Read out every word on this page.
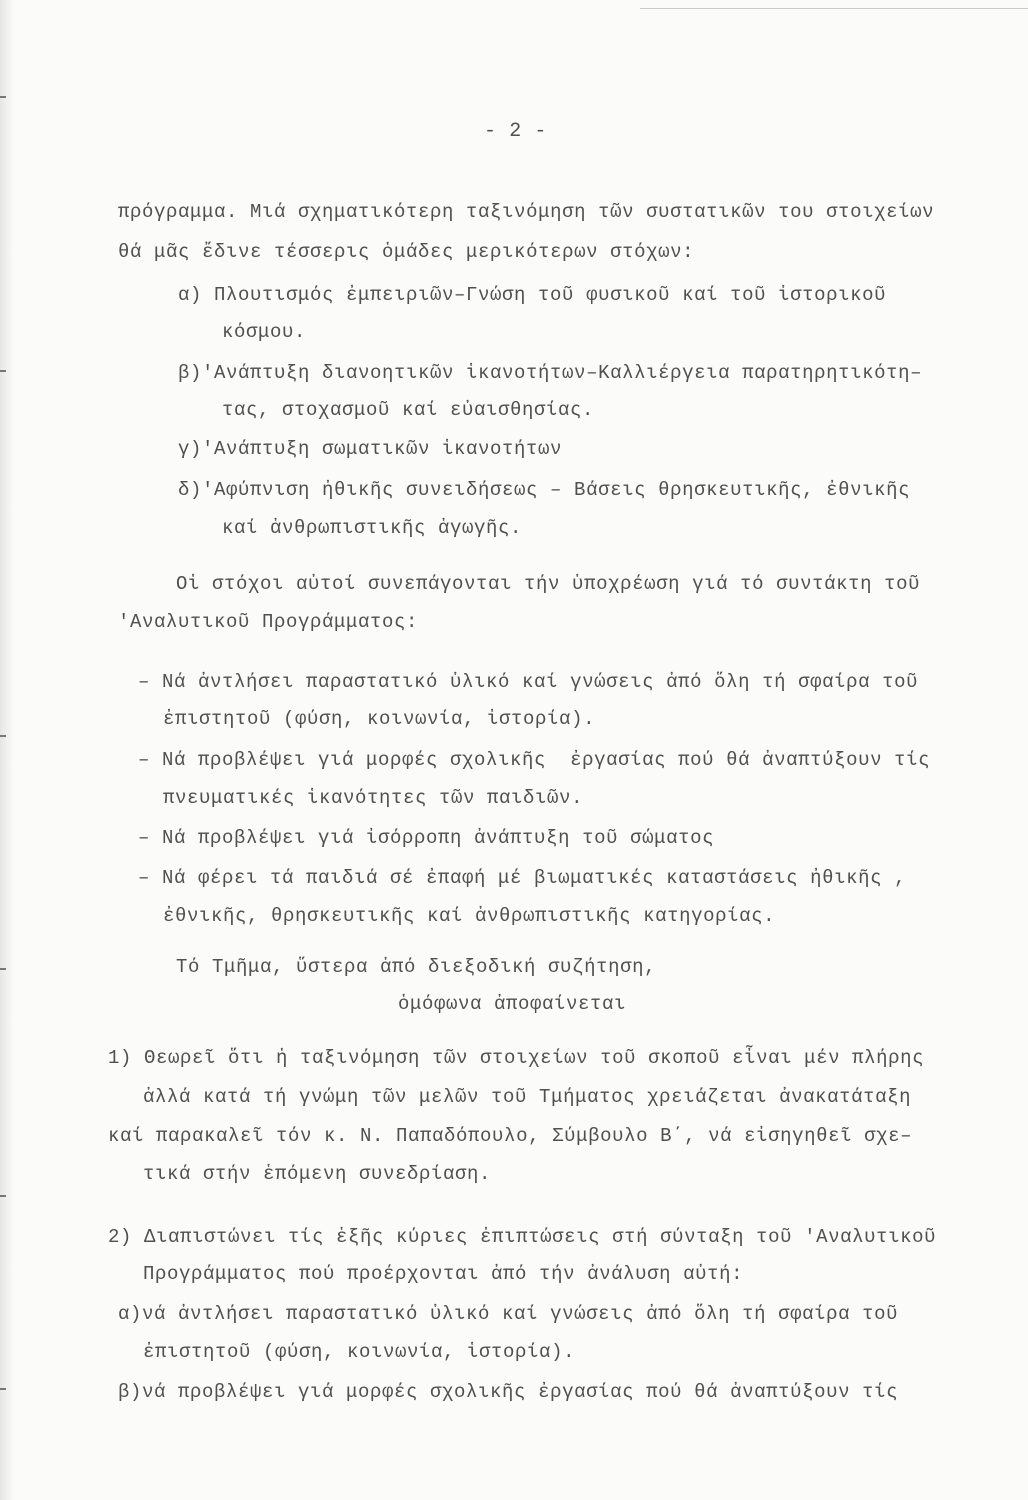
- 2 -
πρόγραμμα. Μιά σχηματικότερη ταξινόμηση τῶν συστατικῶν του στοιχείων
θά μᾶς ἔδινε τέσσερις ὁμάδες μερικότερων στόχων:
α) Πλουτισμός ἐμπειριῶν–Γνώση τοῦ φυσικοῦ καί τοῦ ἱστορικοῦ
κόσμου.
β)'Ανάπτυξη διανοητικῶν ἱκανοτήτων–Καλλιέργεια παρατηρητικότη–
τας, στοχασμοῦ καί εὐαισθησίας.
γ)'Ανάπτυξη σωματικῶν ἱκανοτήτων
δ)'Αφύπνιση ἠθικῆς συνειδήσεως – Βάσεις θρησκευτικῆς, ἐθνικῆς
καί ἀνθρωπιστικῆς ἀγωγῆς.
Οἱ στόχοι αὐτοί συνεπάγονται τήν ὑποχρέωση γιά τό συντάκτη τοῦ
'Αναλυτικοῦ Προγράμματος:
– Νά ἀντλήσει παραστατικό ὑλικό καί γνώσεις ἀπό ὅλη τή σφαίρα τοῦ
ἐπιστητοῦ (φύση, κοινωνία, ἱστορία).
– Νά προβλέψει γιά μορφές σχολικῆς  ἐργασίας πού θά ἀναπτύξουν τίς
πνευματικές ἱκανότητες τῶν παιδιῶν.
– Νά προβλέψει γιά ἰσόρροπη ἀνάπτυξη τοῦ σώματος
– Νά φέρει τά παιδιά σέ ἐπαφή μέ βιωματικές καταστάσεις ἠθικῆς ,
ἐθνικῆς, θρησκευτικῆς καί ἀνθρωπιστικῆς κατηγορίας.
Τό Τμῆμα, ὕστερα ἀπό διεξοδική συζήτηση,
ὁμόφωνα ἀποφαίνεται
1) Θεωρεῖ ὅτι ἡ ταξινόμηση τῶν στοιχείων τοῦ σκοποῦ εἶναι μέν πλήρης
ἀλλά κατά τή γνώμη τῶν μελῶν τοῦ Τμήματος χρειάζεται ἀνακατάταξη
καί παρακαλεῖ τόν κ. Ν. Παπαδόπουλο, Σύμβουλο Β΄, νά εἰσηγηθεῖ σχε–
τικά στήν ἑπόμενη συνεδρίαση.
2) Διαπιστώνει τίς ἑξῆς κύριες ἐπιπτώσεις στή σύνταξη τοῦ 'Αναλυτικοῦ
Προγράμματος πού προέρχονται ἀπό τήν ἀνάλυση αὐτή:
α)νά ἀντλήσει παραστατικό ὑλικό καί γνώσεις ἀπό ὅλη τή σφαίρα τοῦ
ἐπιστητοῦ (φύση, κοινωνία, ἱστορία).
β)νά προβλέψει γιά μορφές σχολικῆς ἐργασίας πού θά ἀναπτύξουν τίς
